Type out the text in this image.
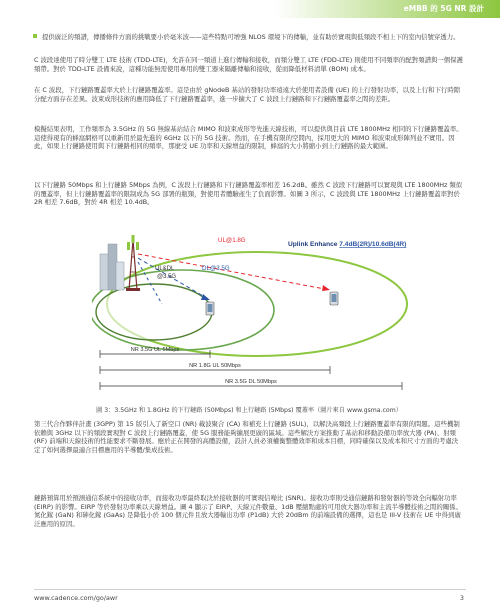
eMBB 的 5G NR 設計

提供廣泛的頻譜，傳播條件方面的挑戰要小於毫米波——這些特點可增強 NLOS 環境下的傳輸，並有助於實現與低頻段不相上下的室內信號穿透力。

C 波段達使用了時分雙工 LTE 技術 (TDD-LTE)，允許在同一頻道上進行傳輸和接收，而頻分雙工 LTE (FDD-LTE) 則使用不同頻率的配對頻譜與一個保護頻帶。對於 TDD-LTE 設備來說，這種功能無需使用專用的雙工器來隔離傳輸和接收，從而降低材料清單 (BOM) 成本。

在 C 波段，下行鏈路覆蓋率大於上行鏈路覆蓋率。這是由於 gNodeB 基站的發射功率遠遠大於使用者設備 (UE) 的上行發射功率，以及上行和下行時隙分配方面存在差異。波束成形技術的應用降低了下行鏈路覆蓋率，進一步擴大了 C 波段上行鏈路和下行鏈路覆蓋率之間的差距。

模擬結果表明，工作頻率為 3.5GHz 的 5G 無線基站結合 MIMO 和波束成形等先進天線技術，可以提供與目前 LTE 1800MHz 相同的下行鏈路覆蓋率。這使得現有的蜂窩網格可以重新用於最先進的 6GHz 以下的 5G 技術。然而，在手機有限的空間內，採用更大的 MIMO 和波束成形陣列並不實用。因此，如果上行鏈路使用與下行鏈路相同的頻率，那麼受 UE 功率和天線增益的限制，蜂窩的大小將縮小到上行鏈路的最大範圍。

以下行鏈路 50Mbps 和上行鏈路 5Mbps 為例，C 波段上行鏈路和下行鏈路覆蓋率相差 16.2dB。雖然 C 波段下行鏈路可以實現與 LTE 1800MHz 類似的覆蓋率，但上行鏈路覆蓋率的限制成為 5G 部署的瓶頸，對使用者體驗產生了負面影響。如圖 3 所示，C 波段與 LTE 1800MHz 上行鏈路覆蓋率對於 2R 相差 7.6dB，對於 4R 相差 10.4dB。

UL@1.8G
DL@3.5G
UL&DL
@3.5G
Uplink Enhance 7.4dB(2R)/10.6dB(4R)
NR 3.5G UL 5Mbps
NR 1.8G UL 50Mbps
NR 3.5G DL 50Mbps
圖 3：3.5GHz 和 1.8GHz 的下行鏈路 (50Mbps) 和上行鏈路 (5Mbps) 覆蓋率（圖片來自 www.gsma.com）

第三代合作夥伴計畫 (3GPP) 第 15 版引入了新空口 (NR) 載波聚合 (CA) 和補充上行鏈路 (SUL)，以解決高頻段上行鏈路覆蓋率有限的問題。這些機制依賴與 3GHz 以下的頻段實現對 C 波段上行鏈路覆蓋，使 5G 服務能夠擴展更廣的區域。這些解決方案推動了基站和移動設備功率放大器 (PA)、射頻 (RF) 前端和天線技術的性能要求不斷發展。應於正在開發的高體設備，設計人員必須權衡整體效率和成本目標，同時確保以及成本和尺寸方面的考慮決定了如何選擇最適合目標應用的半導體/集成技術。

鏈路預算用於預測通信系統中的接收功率，而接收功率最終取決於接收器的可實現信噪比 (SNR)。接收功率則受通信鏈路和發射器的等效全向輻射功率 (EIRP) 的影響。EIRP 等於發射功率乘以天線增益。圖 4 顯示了 EIRP、天線元件數量、1dB 壓縮點處的可用放大器功率和主流半導體技術之間的關係。氮化鎵 (GaN) 和砷化鎵 (GaAs) 是降低小於 100 個元件且放大器輸出功率 (P1dB) 大於 20dBm 的前端設備的選擇，這也是 III-V 技術在 UE 中得到廣泛應用的原因。

www.cadence.com/go/awr	3
